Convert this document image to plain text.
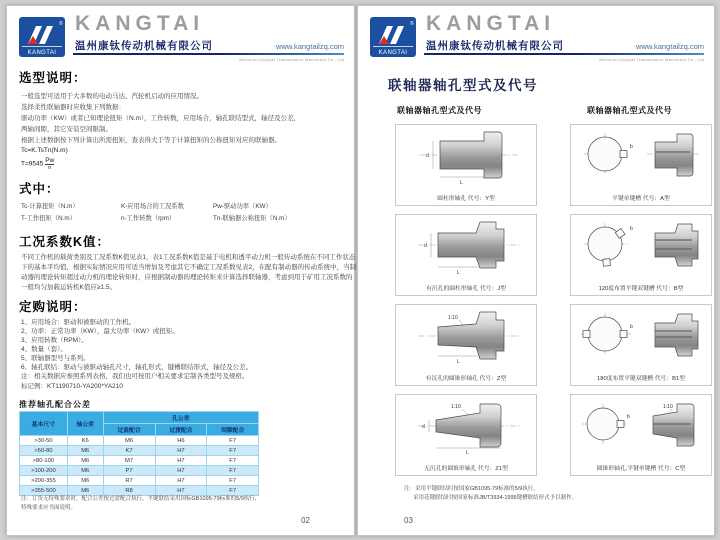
KANGTAI
® KANGTAI
温州康钛传动机械有限公司	www.kangtailzq.com
Wenzhou Kangtai Transmission Machinery Co., Ltd
选型说明：
一般选型可适用于大多数的电动马达、汽轮机启动的应用情况。
选择柔性联轴器时应收集下列数据：
驱动功率（KW）或者已知理论扭矩（N.m），工作转数，应用场合，轴孔联结型式，轴径及公差，
两轴间隙，其它安装空间限制。
根据上述数据按下列计算出所需扭矩，查表得大于等于计算扭矩的公称扭矩对应的联轴器。
Tc=K.TsTn(N.m)
$T=9545 \frac{Pw}{n}$
式中：
Tc-计算扭矩（N.m）	K-应用场合的工况系数	Pw-驱动功率（KW）
T-工作扭矩（N.m）	n-工作转数（rpm）	Tn-联轴器公称扭矩（N.m）
工况系数K值：
不同工作机的载荷类别及工况系数K值见表1，表1工况系数K值是基于电机和透平动力机一般传动系统在不同工作状态
下的基本平均值，根据实际情况应用可适当增加及考虑其它不确定工况系数见表2，在配有制动器的传动系统中，当制
动器的理论转矩超过动力机的理论转矩时，应根据制动器的理论转矩来计算选择联轴器，考虑到用于矿用工况系数的
一般均匀加载运转机K值应≥1.5。
定购说明：
1、应用场合：驱动和被驱动的工作机。
2、功率：正常功率（KW），最大功率（KW）或扭矩。
3、应用转数（RPM）。
4、数量（套）。
5、联轴器型号与系列。
6、轴孔联结：驱动与被驱动轴孔尺寸，轴孔形式，键槽联结形式，轴径及公差。
注：相关数据应参照系列表格，我们也可按用户相关要求定制各类型号及规格。
标记例：KT1190710-YA200*YA210
推荐轴孔配合公差
基本尺寸	轴公差	孔公差		
		过盈配合	过渡配合	间隙配合
>30-50	K6	M6	H6	F7
>50-80	M6	K7	H7	F7
>80-100	M6	M7	H7	F7
>100-200	M6	P7	H7	F7
>200-355	M6	R7	H7	F7
>355-500	M6	R8	H7	F7
注：订货无特殊要求时，配合公差按过盈配合执行，平键联结采用国标GB1095-79标准的5/9执行，
特殊要求应书面说明。
02
KANGTAI
® KANGTAI
温州康钛传动机械有限公司	www.kangtailzq.com
Wenzhou Kangtai Transmission Machinery Co., Ltd
联轴器轴孔型式及代号
联轴器轴孔型式及代号	联轴器轴孔型式及代号
d
L
圆柱形轴孔 代号：Y型
b
平键单键槽 代号：A型
d
L
有沉孔的圆柱形轴孔 代号：J型
b
120度布置平键双键槽 代号：B型
1:10
L
有沉孔的圆锥形轴孔 代号：Z型
b
180度布置平键双键槽 代号：B1型
1:10
d
L
无沉孔的圆锥形轴孔 代号：Z1型
b
1:10
圆锥形轴孔,平键单键槽 代号：C型
注：采用平键联结时按国家GB1095-79标准的5/9执行，
采用花键联结时按国家标准JB/T3934-1995键槽联结形式予以制作。
03
